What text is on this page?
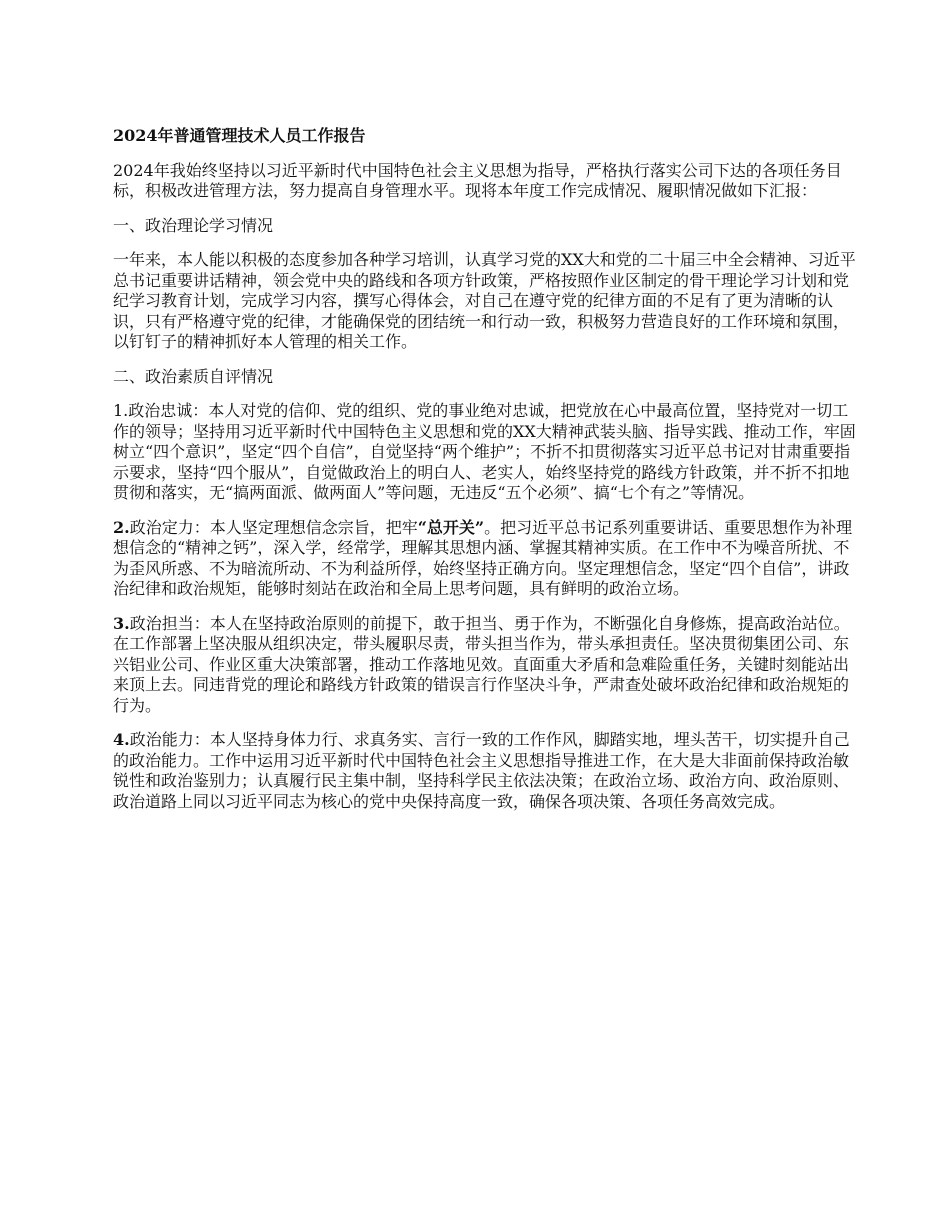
2024年普通管理技术人员工作报告

2024年我始终坚持以习近平新时代中国特色社会主义思想为指导，严格执行落实公司下达的各项任务目标，积极改进管理方法，努力提高自身管理水平。现将本年度工作完成情况、履职情况做如下汇报：

一、政治理论学习情况

一年来，本人能以积极的态度参加各种学习培训，认真学习党的XX大和党的二十届三中全会精神、习近平总书记重要讲话精神，领会党中央的路线和各项方针政策，严格按照作业区制定的骨干理论学习计划和党纪学习教育计划，完成学习内容，撰写心得体会，对自己在遵守党的纪律方面的不足有了更为清晰的认识，只有严格遵守党的纪律，才能确保党的团结统一和行动一致，积极努力营造良好的工作环境和氛围，以钉钉子的精神抓好本人管理的相关工作。

二、政治素质自评情况

1.政治忠诚：本人对党的信仰、党的组织、党的事业绝对忠诚，把党放在心中最高位置，坚持党对一切工作的领导；坚持用习近平新时代中国特色主义思想和党的XX大精神武装头脑、指导实践、推动工作，牢固树立“四个意识”，坚定“四个自信”，自觉坚持“两个维护”；不折不扣贯彻落实习近平总书记对甘肃重要指示要求，坚持“四个服从”，自觉做政治上的明白人、老实人，始终坚持党的路线方针政策，并不折不扣地贯彻和落实，无“搞两面派、做两面人”等问题，无违反“五个必须”、搞“七个有之”等情况。

2.政治定力：本人坚定理想信念宗旨，把牢“总开关”。把习近平总书记系列重要讲话、重要思想作为补理想信念的“精神之钙”，深入学，经常学，理解其思想内涵、掌握其精神实质。在工作中不为噪音所扰、不为歪风所惑、不为暗流所动、不为利益所俘，始终坚持正确方向。坚定理想信念，坚定“四个自信”，讲政治纪律和政治规矩，能够时刻站在政治和全局上思考问题，具有鲜明的政治立场。

3.政治担当：本人在坚持政治原则的前提下，敢于担当、勇于作为，不断强化自身修炼，提高政治站位。在工作部署上坚决服从组织决定，带头履职尽责，带头担当作为，带头承担责任。坚决贯彻集团公司、东兴铝业公司、作业区重大决策部署，推动工作落地见效。直面重大矛盾和急难险重任务，关键时刻能站出来顶上去。同违背党的理论和路线方针政策的错误言行作坚决斗争，严肃查处破坏政治纪律和政治规矩的行为。

4.政治能力：本人坚持身体力行、求真务实、言行一致的工作作风，脚踏实地，埋头苦干，切实提升自己的政治能力。工作中运用习近平新时代中国特色社会主义思想指导推进工作，在大是大非面前保持政治敏锐性和政治鉴别力；认真履行民主集中制，坚持科学民主依法决策；在政治立场、政治方向、政治原则、政治道路上同以习近平同志为核心的党中央保持高度一致，确保各项决策、各项任务高效完成。
